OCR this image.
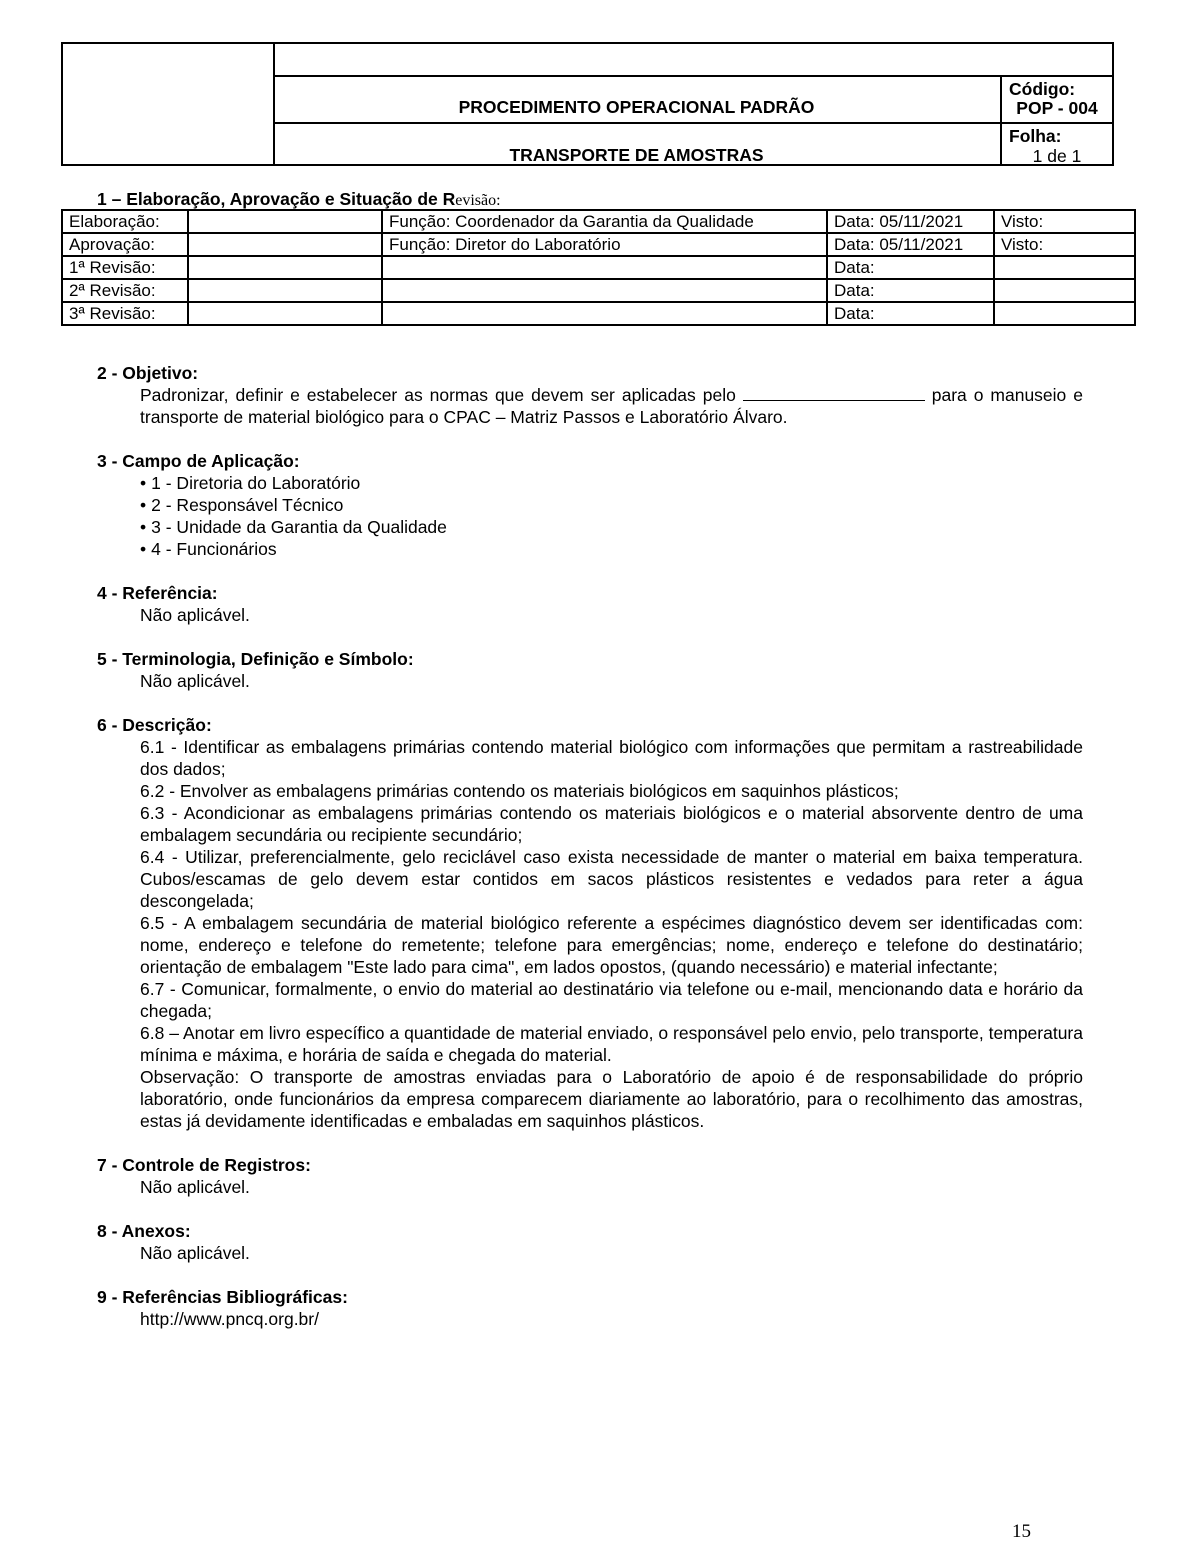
PROCEDIMENTO OPERACIONAL PADRÃO
Código:
POP - 004
TRANSPORTE DE AMOSTRAS
Folha:
1 de 1
1 – Elaboração, Aprovação e Situação de Revisão:
Elaboração:		Função: Coordenador da Garantia da Qualidade	Data: 05/11/2021	Visto:
Aprovação:		Função: Diretor do Laboratório	Data: 05/11/2021	Visto:
1ª Revisão:			Data:	
2ª Revisão:			Data:	
3ª Revisão:			Data:	
2 - Objetivo:

Padronizar, definir e estabelecer as normas que devem ser aplicadas pelo	para o manuseio e transporte de material biológico para o CPAC – Matriz Passos e Laboratório Álvaro.

3 - Campo de Aplicação:
• 1 - Diretoria do Laboratório
• 2 - Responsável Técnico
• 3 - Unidade da Garantia da Qualidade
• 4 - Funcionários
4 - Referência:

Não aplicável.

5 - Terminologia, Definição e Símbolo:

Não aplicável.

6 - Descrição:

6.1 - Identificar as embalagens primárias contendo material biológico com informações que permitam a rastreabilidade dos dados;

6.2 - Envolver as embalagens primárias contendo os materiais biológicos em saquinhos plásticos;

6.3 - Acondicionar as embalagens primárias contendo os materiais biológicos e o material absorvente dentro de uma embalagem secundária ou recipiente secundário;

6.4 - Utilizar, preferencialmente, gelo reciclável caso exista necessidade de manter o material em baixa temperatura. Cubos/escamas de gelo devem estar contidos em sacos plásticos resistentes e vedados para reter a água descongelada;

6.5 - A embalagem secundária de material biológico referente a espécimes diagnóstico devem ser identificadas com: nome, endereço e telefone do remetente; telefone para emergências; nome, endereço e telefone do destinatário; orientação de embalagem "Este lado para cima", em lados opostos, (quando necessário) e material infectante;

6.7 - Comunicar, formalmente, o envio do material ao destinatário via telefone ou e-mail, mencionando data e horário da chegada;

6.8 – Anotar em livro específico a quantidade de material enviado, o responsável pelo envio, pelo transporte, temperatura mínima e máxima, e horária de saída e chegada do material.

Observação: O transporte de amostras enviadas para o Laboratório de apoio é de responsabilidade do próprio laboratório, onde funcionários da empresa comparecem diariamente ao laboratório, para o recolhimento das amostras, estas já devidamente identificadas e embaladas em saquinhos plásticos.

7 - Controle de Registros:

Não aplicável.

8 - Anexos:

Não aplicável.

9 - Referências Bibliográficas:

http://www.pncq.org.br/

15
